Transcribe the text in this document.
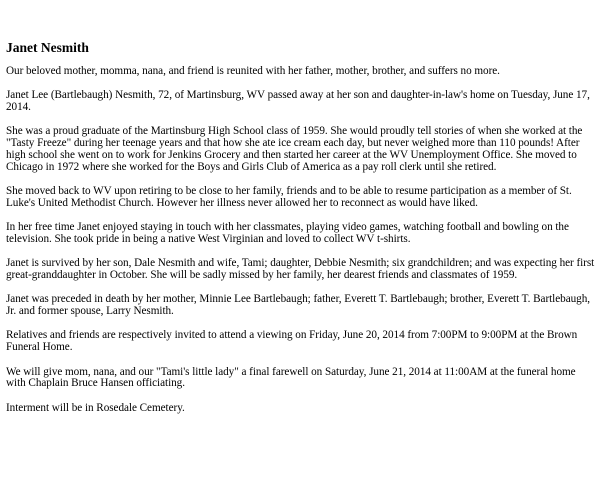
Janet Nesmith

Our beloved mother, momma, nana, and friend is reunited with her father, mother, brother, and suffers no more.

Janet Lee (Bartlebaugh) Nesmith, 72, of Martinsburg, WV passed away at her son and daughter-in-law's home on Tuesday, June 17, 2014.

She was a proud graduate of the Martinsburg High School class of 1959. She would proudly tell stories of when she worked at the "Tasty Freeze" during her teenage years and that how she ate ice cream each day, but never weighed more than 110 pounds! After high school she went on to work for Jenkins Grocery and then started her career at the WV Unemployment Office. She moved to Chicago in 1972 where she worked for the Boys and Girls Club of America as a pay roll clerk until she retired.

She moved back to WV upon retiring to be close to her family, friends and to be able to resume participation as a member of St. Luke's United Methodist Church. However her illness never allowed her to reconnect as would have liked.

In her free time Janet enjoyed staying in touch with her classmates, playing video games, watching football and bowling on the television. She took pride in being a native West Virginian and loved to collect WV t-shirts.

Janet is survived by her son, Dale Nesmith and wife, Tami; daughter, Debbie Nesmith; six grandchildren; and was expecting her first great-granddaughter in October. She will be sadly missed by her family, her dearest friends and classmates of 1959.

Janet was preceded in death by her mother, Minnie Lee Bartlebaugh; father, Everett T. Bartlebaugh; brother, Everett T. Bartlebaugh, Jr. and former spouse, Larry Nesmith.

Relatives and friends are respectively invited to attend a viewing on Friday, June 20, 2014 from 7:00PM to 9:00PM at the Brown Funeral Home.

We will give mom, nana, and our "Tami's little lady" a final farewell on Saturday, June 21, 2014 at 11:00AM at the funeral home with Chaplain Bruce Hansen officiating.

Interment will be in Rosedale Cemetery.
